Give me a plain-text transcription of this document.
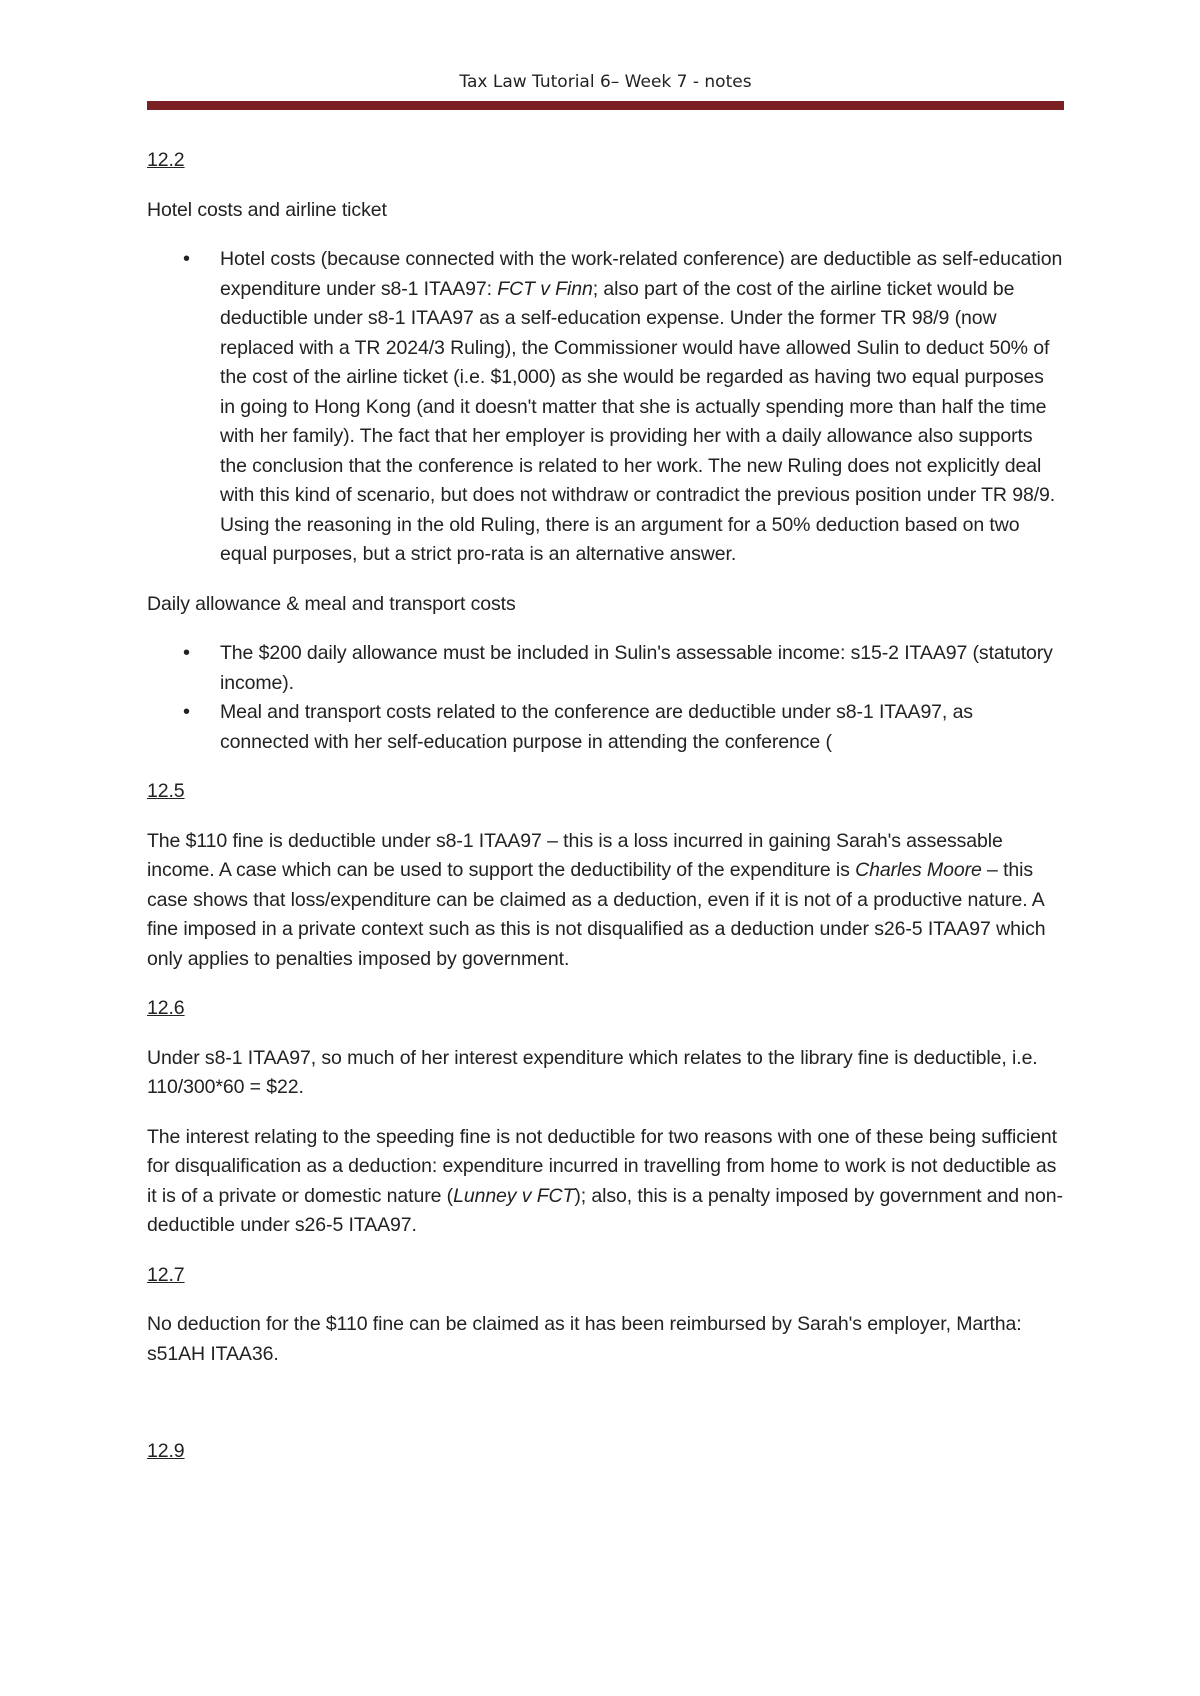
Tax Law Tutorial 6– Week 7 - notes
12.2
Hotel costs and airline ticket
• Hotel costs (because connected with the work-related conference) are deductible as self-education expenditure under s8-1 ITAA97: FCT v Finn; also part of the cost of the airline ticket would be deductible under s8-1 ITAA97 as a self-education expense. Under the former TR 98/9 (now replaced with a TR 2024/3 Ruling), the Commissioner would have allowed Sulin to deduct 50% of the cost of the airline ticket (i.e. $1,000) as she would be regarded as having two equal purposes in going to Hong Kong (and it doesn't matter that she is actually spending more than half the time with her family). The fact that her employer is providing her with a daily allowance also supports the conclusion that the conference is related to her work. The new Ruling does not explicitly deal with this kind of scenario, but does not withdraw or contradict the previous position under TR 98/9. Using the reasoning in the old Ruling, there is an argument for a 50% deduction based on two equal purposes, but a strict pro-rata is an alternative answer.
Daily allowance & meal and transport costs
• The $200 daily allowance must be included in Sulin's assessable income: s15-2 ITAA97 (statutory income).
• Meal and transport costs related to the conference are deductible under s8-1 ITAA97, as connected with her self-education purpose in attending the conference (
12.5

The $110 fine is deductible under s8-1 ITAA97 – this is a loss incurred in gaining Sarah's assessable income. A case which can be used to support the deductibility of the expenditure is Charles Moore – this case shows that loss/expenditure can be claimed as a deduction, even if it is not of a productive nature. A fine imposed in a private context such as this is not disqualified as a deduction under s26-5 ITAA97 which only applies to penalties imposed by government.

12.6

Under s8-1 ITAA97, so much of her interest expenditure which relates to the library fine is deductible, i.e. 110/300*60 = $22.

The interest relating to the speeding fine is not deductible for two reasons with one of these being sufficient for disqualification as a deduction: expenditure incurred in travelling from home to work is not deductible as it is of a private or domestic nature (Lunney v FCT); also, this is a penalty imposed by government and non-deductible under s26-5 ITAA97.

12.7

No deduction for the $110 fine can be claimed as it has been reimbursed by Sarah's employer, Martha: s51AH ITAA36.

12.9
